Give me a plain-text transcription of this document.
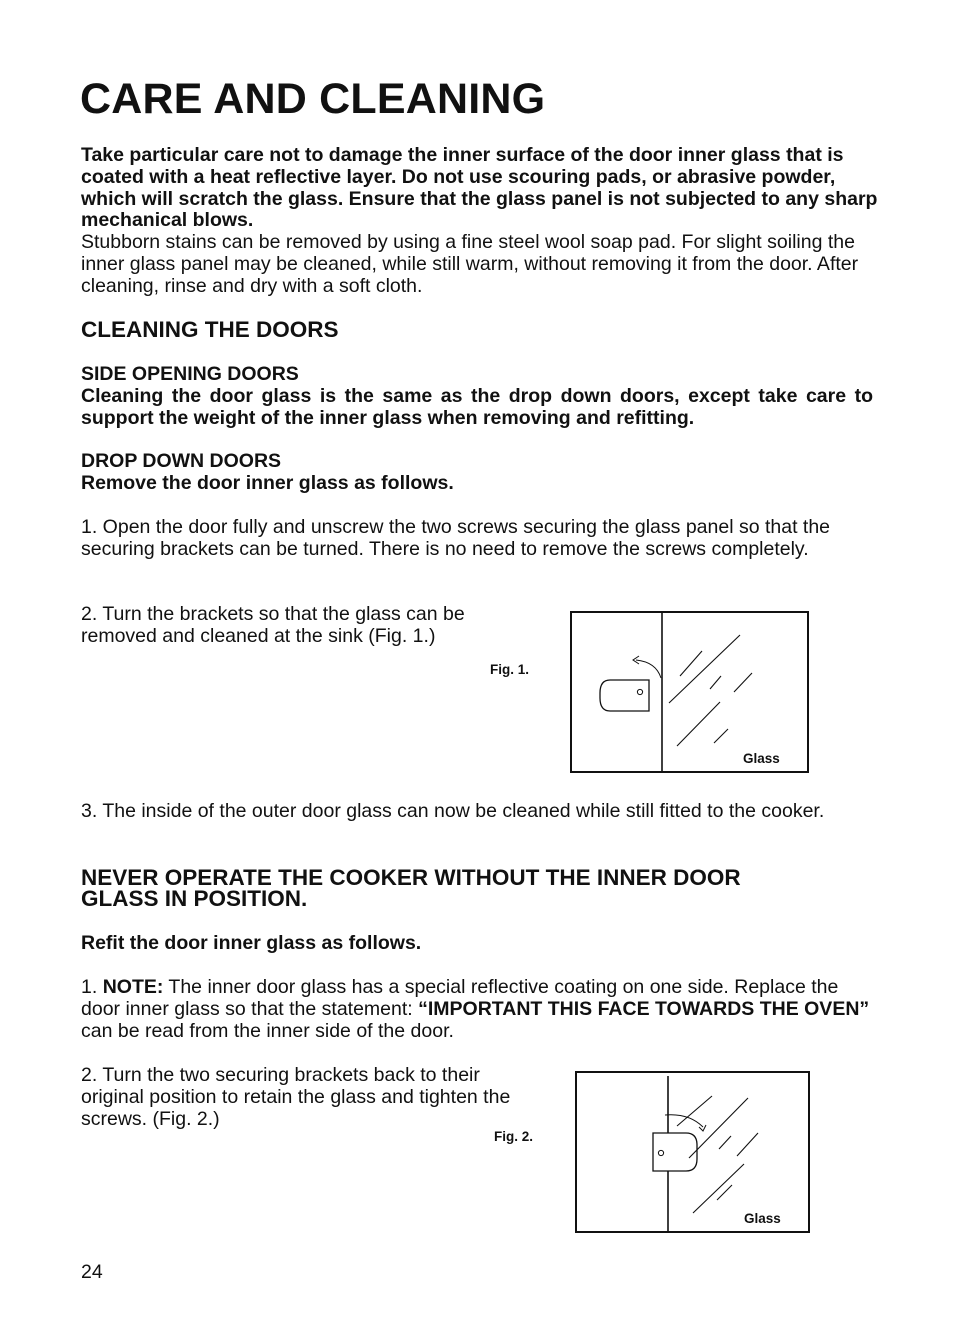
CARE AND CLEANING
Take particular care not to damage the inner surface of the door inner glass that is coated with a heat reflective layer. Do not use scouring pads, or abrasive powder, which will scratch the glass. Ensure that the glass panel is not subjected to any sharp mechanical blows.
Stubborn stains can be removed by using a fine steel wool soap pad. For slight soiling the inner glass panel may be cleaned, while still warm, without removing it from the door. After cleaning, rinse and dry with a soft cloth.
CLEANING THE DOORS
SIDE OPENING DOORS
Cleaning the door glass is the same as the drop down doors, except take care to support the weight of the inner glass when removing and refitting.
DROP DOWN DOORS
Remove the door inner glass as follows.
1. Open the door fully and unscrew the two screws securing the glass panel so that the securing brackets can be turned. There is no need to remove the screws completely.
2. Turn the brackets so that the glass can be removed and cleaned at the sink (Fig. 1.)
Fig. 1.
Glass
3. The inside of the outer door glass can now be cleaned while still fitted to the cooker.
NEVER OPERATE THE COOKER WITHOUT THE INNER DOOR
GLASS IN POSITION.
Refit the door inner glass as follows.
1. NOTE: The inner door glass has a special reflective coating on one side. Replace the door inner glass so that the statement: “IMPORTANT THIS FACE TOWARDS THE OVEN” can be read from the inner side of the door.
2. Turn the two securing brackets back to their original position to retain the glass and tighten the screws. (Fig. 2.)
Fig. 2.
Glass
24
